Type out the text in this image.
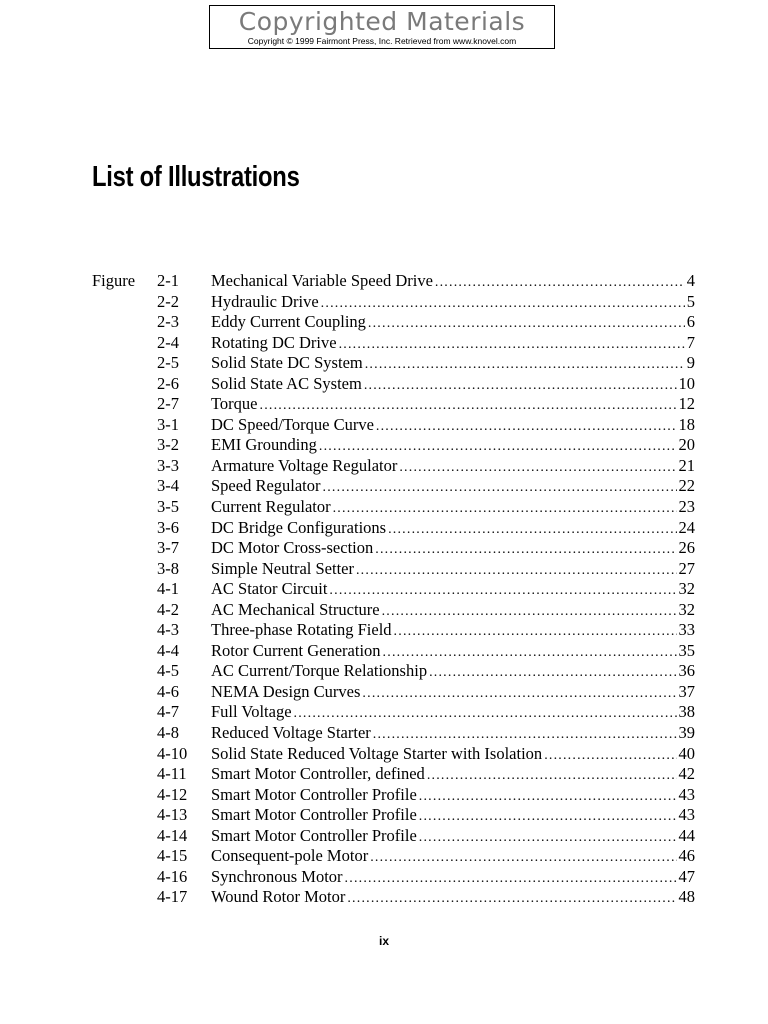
Copyrighted Materials
Copyright © 1999 Fairmont Press, Inc. Retrieved from www.knovel.com
List of Illustrations
Figure 2-1 Mechanical Variable Speed Drive .....	4
2-2 Hydraulic Drive .....	5
2-3 Eddy Current Coupling .....	6
2-4 Rotating DC Drive .....	7
2-5 Solid State DC System .....	9
2-6 Solid State AC System .....	10
2-7 Torque .....	12
3-1 DC Speed/Torque Curve .....	18
3-2 EMI Grounding .....	20
3-3 Armature Voltage Regulator .....	21
3-4 Speed Regulator .....	22
3-5 Current Regulator .....	23
3-6 DC Bridge Configurations .....	24
3-7 DC Motor Cross-section .....	26
3-8 Simple Neutral Setter .....	27
4-1 AC Stator Circuit .....	32
4-2 AC Mechanical Structure .....	32
4-3 Three-phase Rotating Field .....	33
4-4 Rotor Current Generation .....	35
4-5 AC Current/Torque Relationship .....	36
4-6 NEMA Design Curves .....	37
4-7 Full Voltage .....	38
4-8 Reduced Voltage Starter .....	39
4-10 Solid State Reduced Voltage Starter with Isolation .....	40
4-11 Smart Motor Controller, defined .....	42
4-12 Smart Motor Controller Profile .....	43
4-13 Smart Motor Controller Profile .....	43
4-14 Smart Motor Controller Profile .....	44
4-15 Consequent-pole Motor .....	46
4-16 Synchronous Motor .....	47
4-17 Wound Rotor Motor .....	48
ix
